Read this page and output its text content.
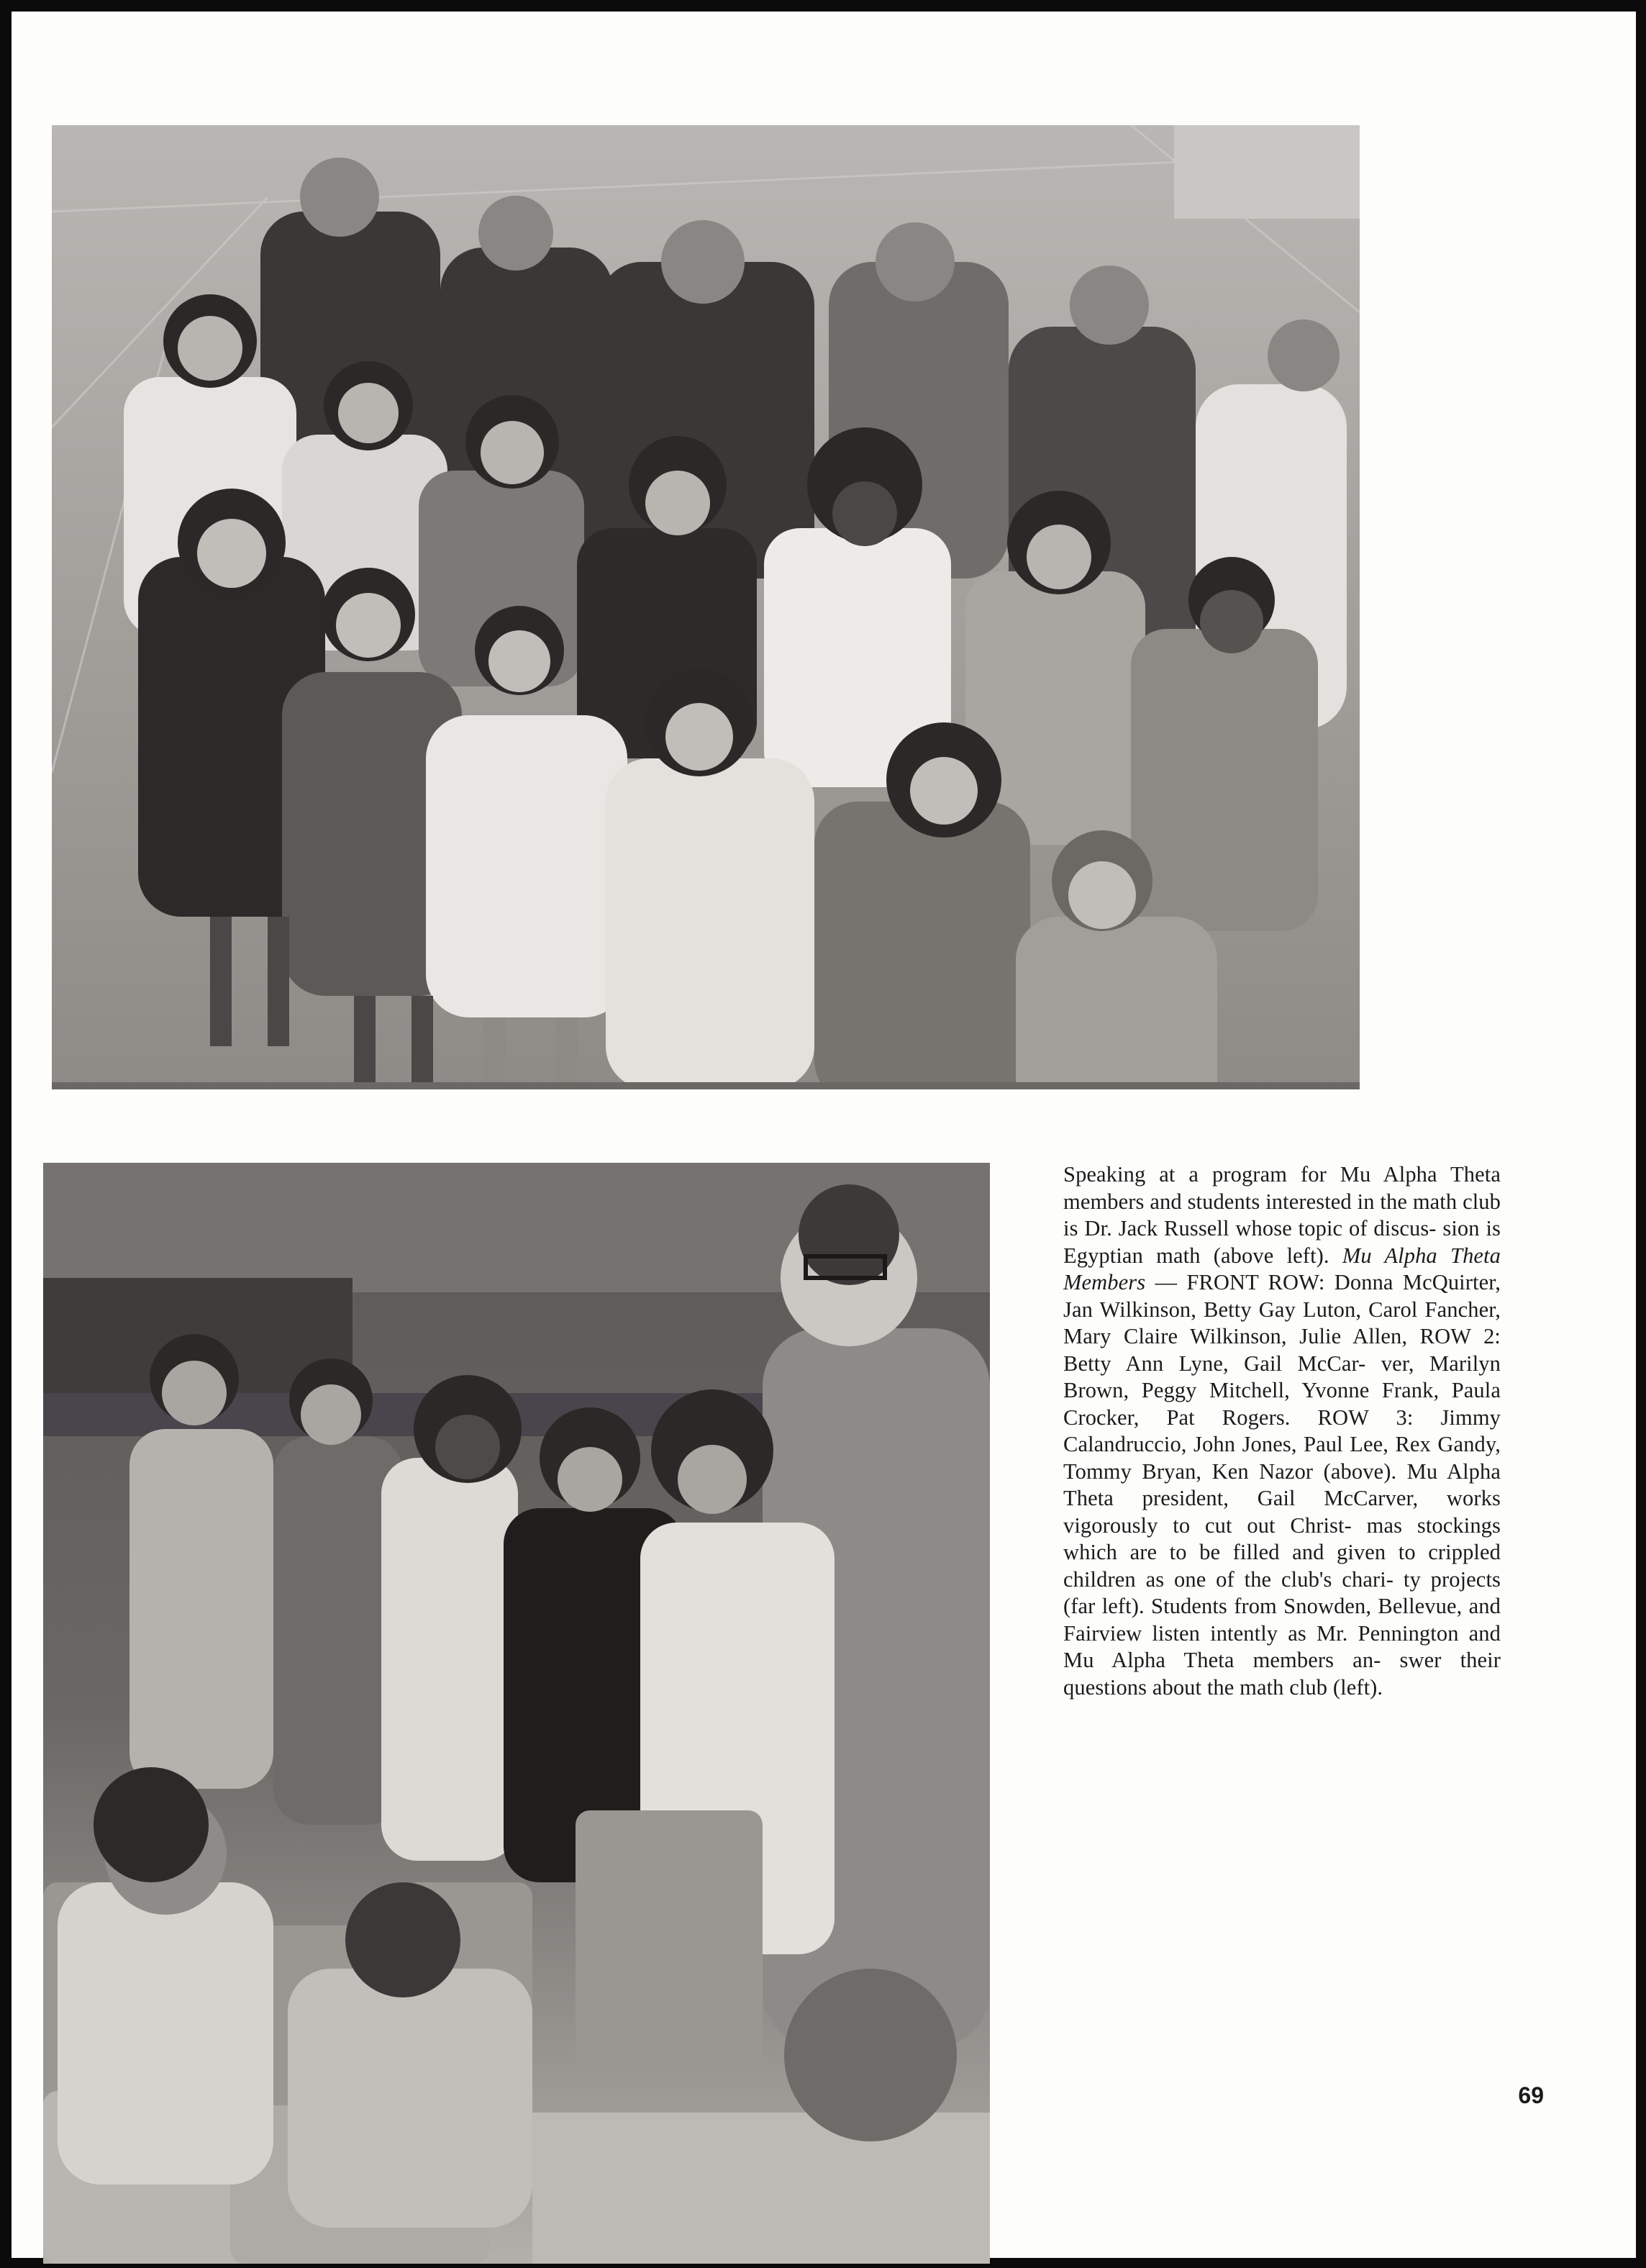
Speaking at a program for Mu Alpha Theta members and students interested in the math club is Dr. Jack Russell whose topic of discus- sion is Egyptian math (above left). Mu Alpha Theta Members — FRONT ROW: Donna McQuirter, Jan Wilkinson, Betty Gay Luton, Carol Fancher, Mary Claire Wilkinson, Julie Allen, ROW 2: Betty Ann Lyne, Gail McCar- ver, Marilyn Brown, Peggy Mitchell, Yvonne Frank, Paula Crocker, Pat Rogers. ROW 3: Jimmy Calandruccio, John Jones, Paul Lee, Rex Gandy, Tommy Bryan, Ken Nazor (above). Mu Alpha Theta president, Gail McCarver, works vigorously to cut out Christ- mas stockings which are to be filled and given to crippled children as one of the club's chari- ty projects (far left). Students from Snowden, Bellevue, and Fairview listen intently as Mr. Pennington and Mu Alpha Theta members an- swer their questions about the math club (left).
69
